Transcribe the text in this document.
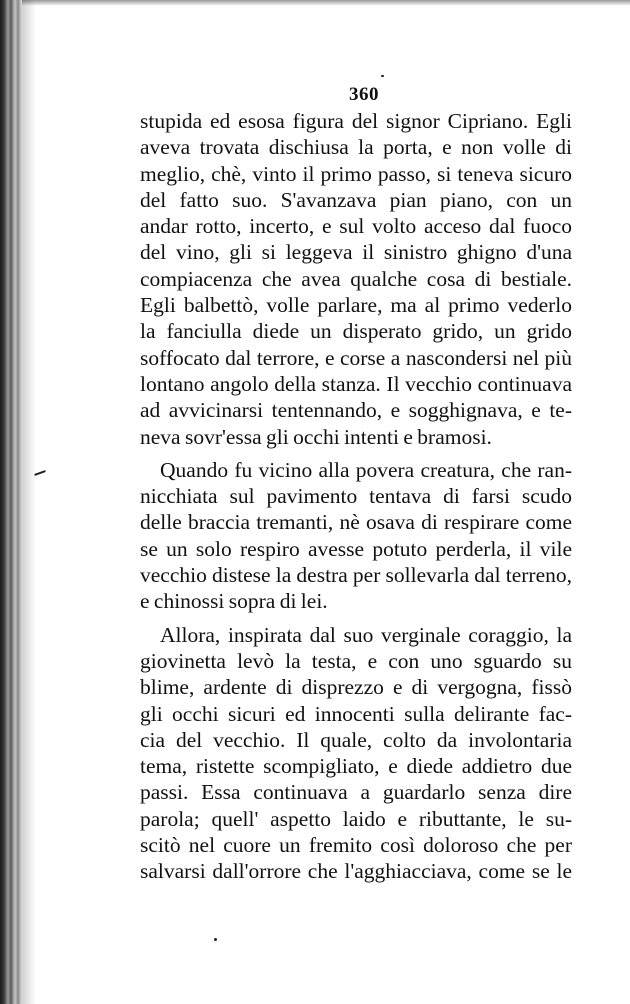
360
stupida ed esosa figura del signor Cipriano. Egli
aveva trovata dischiusa la porta, e non volle di
meglio, chè, vinto il primo passo, si teneva sicuro
del fatto suo. S'avanzava pian piano, con un
andar rotto, incerto, e sul volto acceso dal fuoco
del vino, gli si leggeva il sinistro ghigno d'una
compiacenza che avea qualche cosa di bestiale.
Egli balbettò, volle parlare, ma al primo vederlo
la fanciulla diede un disperato grido, un grido
soffocato dal terrore, e corse a nascondersi nel più
lontano angolo della stanza. Il vecchio continuava
ad avvicinarsi tentennando, e sogghignava, e te-
neva sovr'essa gli occhi intenti e bramosi.
Quando fu vicino alla povera creatura, che ran-
nicchiata sul pavimento tentava di farsi scudo
delle braccia tremanti, nè osava di respirare come
se un solo respiro avesse potuto perderla, il vile
vecchio distese la destra per sollevarla dal terreno,
e chinossi sopra di lei.
Allora, inspirata dal suo verginale coraggio, la
giovinetta levò la testa, e con uno sguardo su
blime, ardente di disprezzo e di vergogna, fissò
gli occhi sicuri ed innocenti sulla delirante fac-
cia del vecchio. Il quale, colto da involontaria
tema, ristette scompigliato, e diede addietro due
passi. Essa continuava a guardarlo senza dire
parola; quell' aspetto laido e ributtante, le su-
scitò nel cuore un fremito così doloroso che per
salvarsi dall'orrore che l'agghiacciava, come se le
